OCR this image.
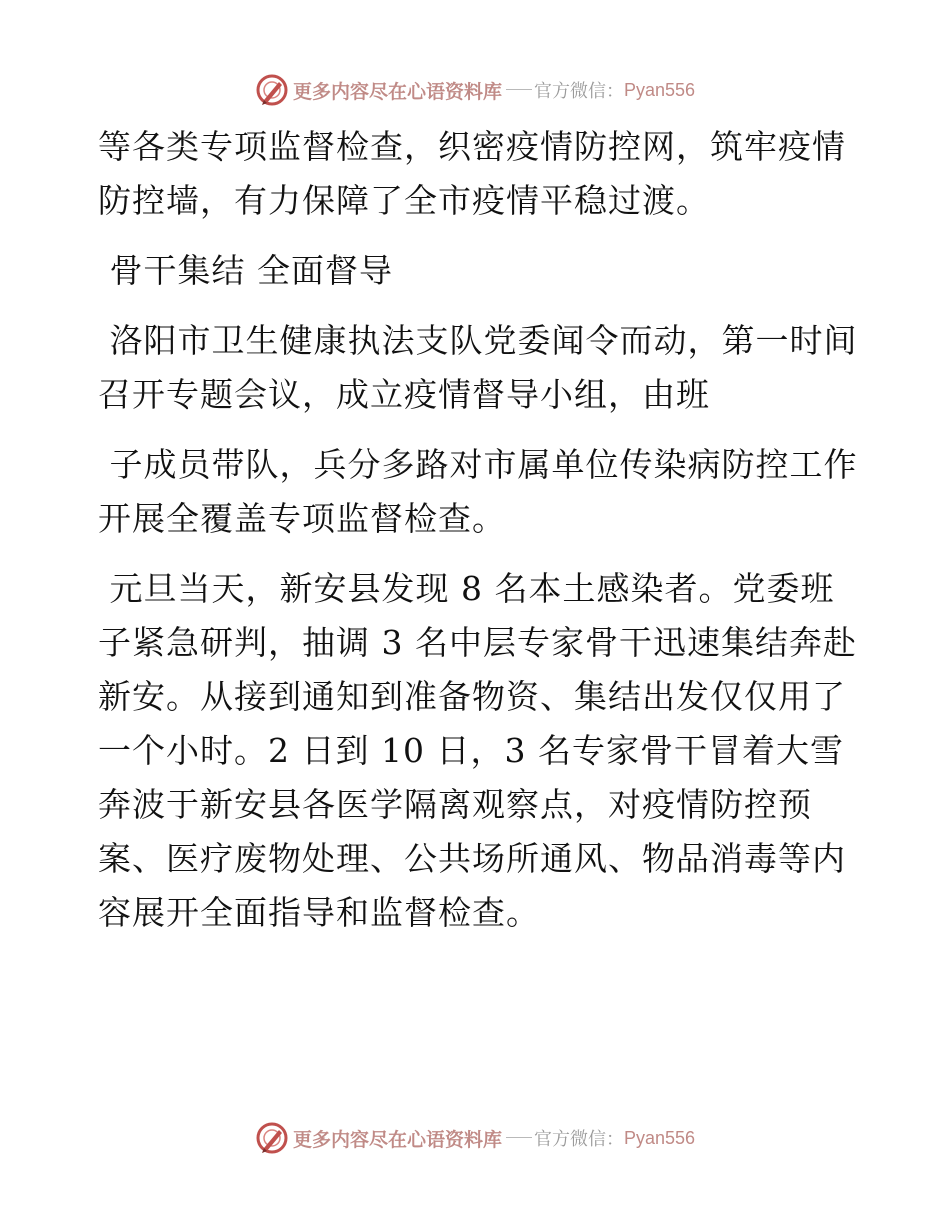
更多内容尽在心语资料库 官方微信： Pyan556

等各类专项监督检查，织密疫情防控网，筑牢疫情防控墙，有力保障了全市疫情平稳过渡。

骨干集结 全面督导

洛阳市卫生健康执法支队党委闻令而动，第一时间召开专题会议，成立疫情督导小组，由班

子成员带队，兵分多路对市属单位传染病防控工作开展全覆盖专项监督检查。

元旦当天，新安县发现 8 名本土感染者。党委班子紧急研判，抽调 3 名中层专家骨干迅速集结奔赴新安。从接到通知到准备物资、集结出发仅仅用了一个小时。2 日到 10 日，3 名专家骨干冒着大雪奔波于新安县各医学隔离观察点，对疫情防控预案、医疗废物处理、公共场所通风、物品消毒等内容展开全面指导和监督检查。

更多内容尽在心语资料库 官方微信： Pyan556
